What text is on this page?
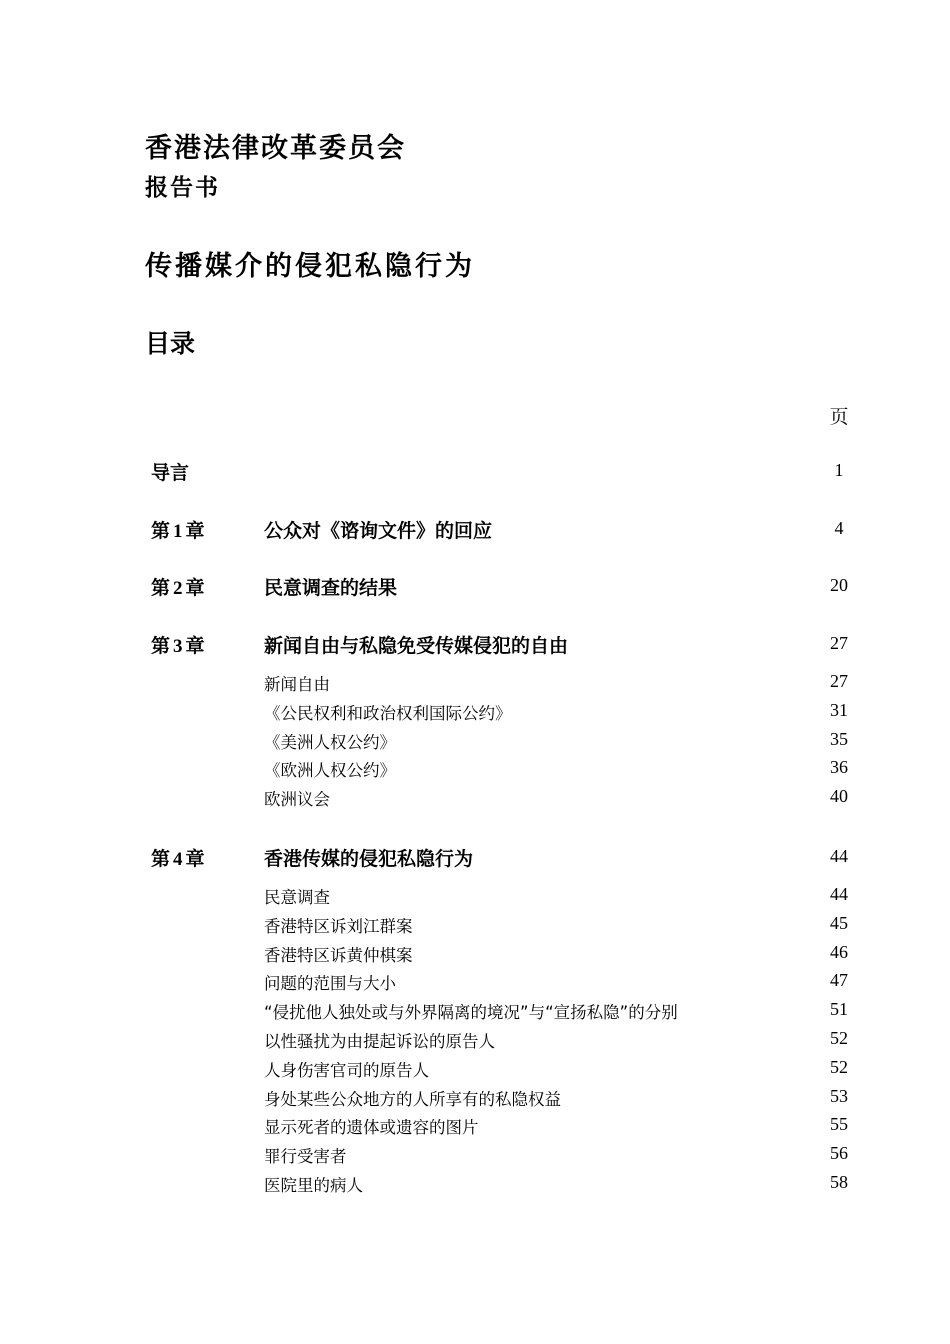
香港法律改革委员会
报告书
传播媒介的侵犯私隐行为
目录
页
导言	1
第 1 章	公众对《谘询文件》的回应	4
第 2 章	民意调查的结果	20
第 3 章	新闻自由与私隐免受传媒侵犯的自由	27
新闻自由	27
《公民权利和政治权利国际公约》	31
《美洲人权公约》	35
《欧洲人权公约》	36
欧洲议会	40
第 4 章	香港传媒的侵犯私隐行为	44
民意调查	44
香港特区诉刘江群案	45
香港特区诉黄仲棋案	46
问题的范围与大小	47
“侵扰他人独处或与外界隔离的境况”与“宣扬私隐”的分别	51
以性骚扰为由提起诉讼的原告人	52
人身伤害官司的原告人	52
身处某些公众地方的人所享有的私隐权益	53
显示死者的遗体或遗容的图片	55
罪行受害者	56
医院里的病人	58
